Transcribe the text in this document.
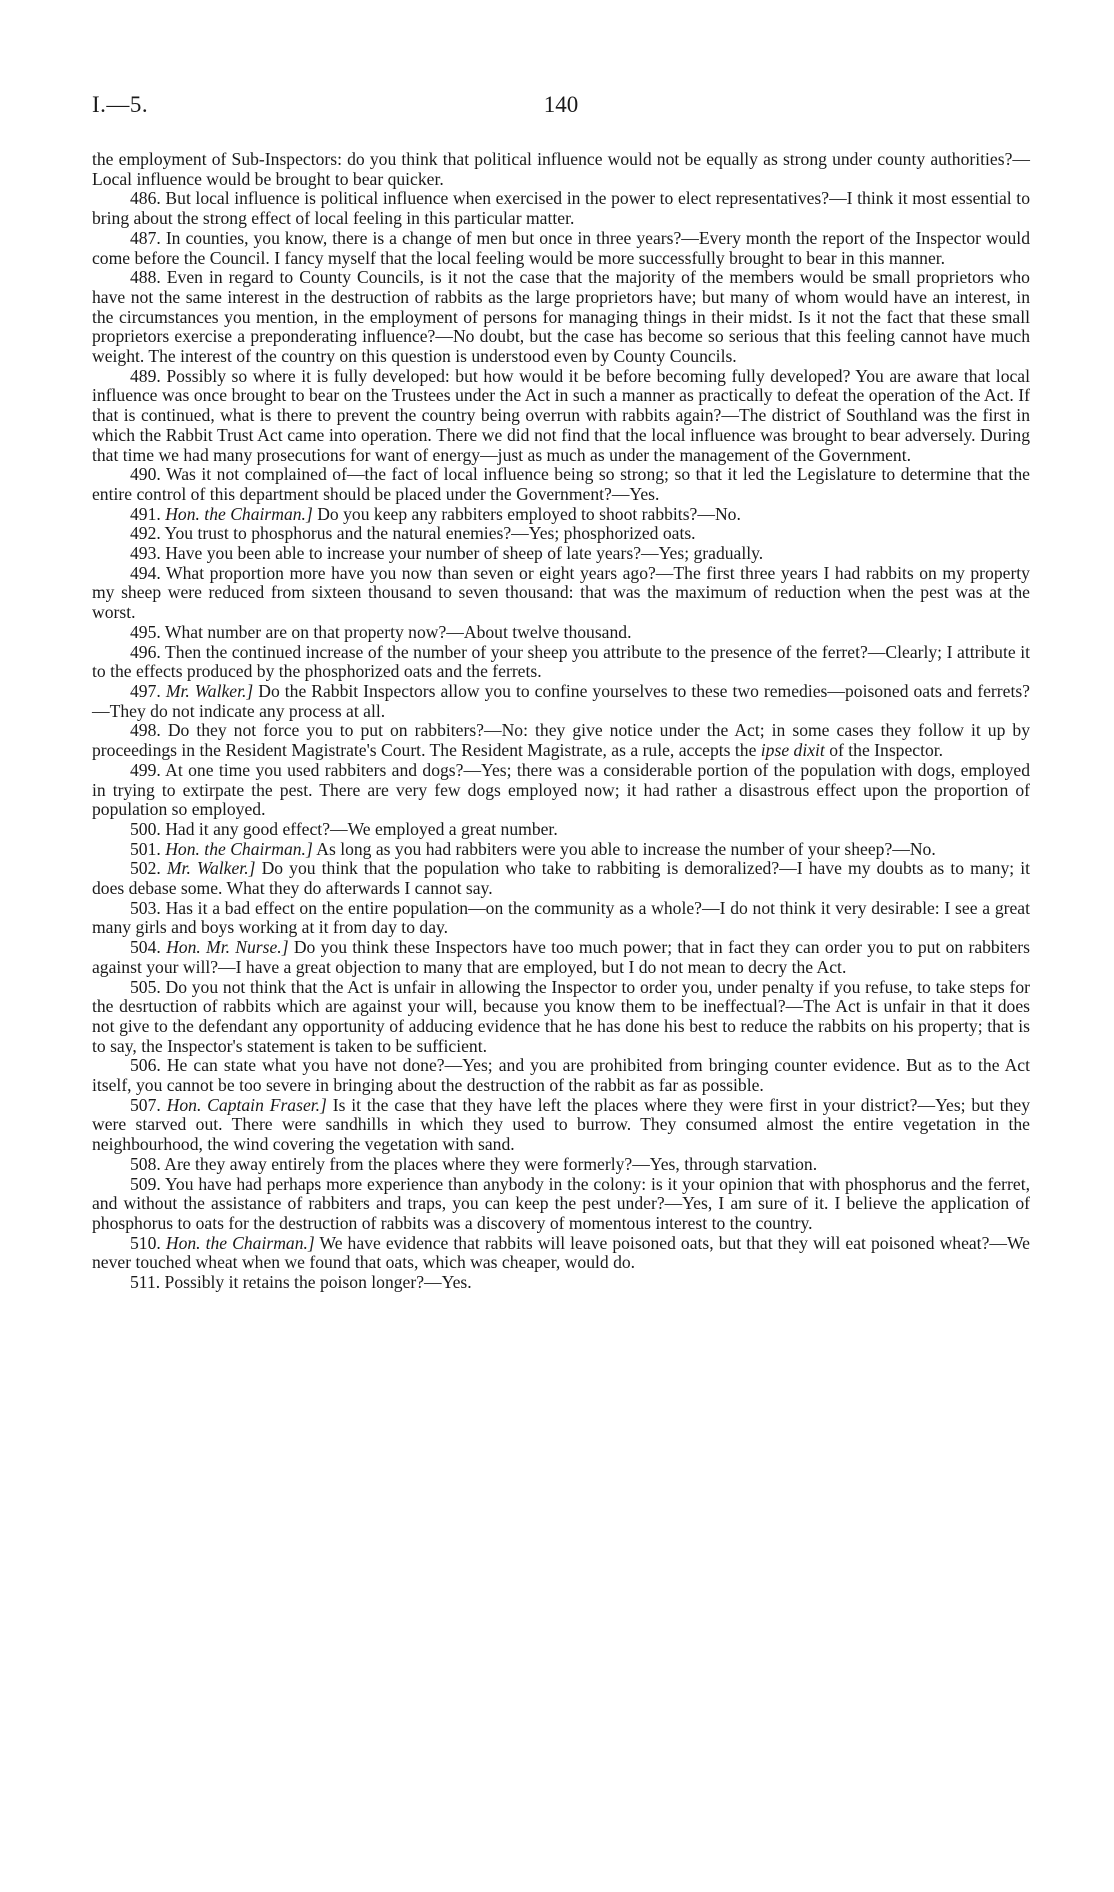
I.—5.	140

the employment of Sub-Inspectors: do you think that political influence would not be equally as strong under county authorities?—Local influence would be brought to bear quicker.

486. But local influence is political influence when exercised in the power to elect representatives?—I think it most essential to bring about the strong effect of local feeling in this particular matter.

487. In counties, you know, there is a change of men but once in three years?—Every month the report of the Inspector would come before the Council. I fancy myself that the local feeling would be more successfully brought to bear in this manner.

488. Even in regard to County Councils, is it not the case that the majority of the members would be small proprietors who have not the same interest in the destruction of rabbits as the large proprietors have; but many of whom would have an interest, in the circumstances you mention, in the employment of persons for managing things in their midst. Is it not the fact that these small proprietors exercise a preponderating influence?—No doubt, but the case has become so serious that this feeling cannot have much weight. The interest of the country on this question is understood even by County Councils.

489. Possibly so where it is fully developed: but how would it be before becoming fully developed? You are aware that local influence was once brought to bear on the Trustees under the Act in such a manner as practically to defeat the operation of the Act. If that is continued, what is there to prevent the country being overrun with rabbits again?—The district of Southland was the first in which the Rabbit Trust Act came into operation. There we did not find that the local influence was brought to bear adversely. During that time we had many prosecutions for want of energy—just as much as under the management of the Government.

490. Was it not complained of—the fact of local influence being so strong; so that it led the Legislature to determine that the entire control of this department should be placed under the Government?—Yes.

491. Hon. the Chairman.] Do you keep any rabbiters employed to shoot rabbits?—No.

492. You trust to phosphorus and the natural enemies?—Yes; phosphorized oats.

493. Have you been able to increase your number of sheep of late years?—Yes; gradually.

494. What proportion more have you now than seven or eight years ago?—The first three years I had rabbits on my property my sheep were reduced from sixteen thousand to seven thousand: that was the maximum of reduction when the pest was at the worst.

495. What number are on that property now?—About twelve thousand.

496. Then the continued increase of the number of your sheep you attribute to the presence of the ferret?—Clearly; I attribute it to the effects produced by the phosphorized oats and the ferrets.

497. Mr. Walker.] Do the Rabbit Inspectors allow you to confine yourselves to these two remedies—poisoned oats and ferrets?—They do not indicate any process at all.

498. Do they not force you to put on rabbiters?—No: they give notice under the Act; in some cases they follow it up by proceedings in the Resident Magistrate's Court. The Resident Magistrate, as a rule, accepts the ipse dixit of the Inspector.

499. At one time you used rabbiters and dogs?—Yes; there was a considerable portion of the population with dogs, employed in trying to extirpate the pest. There are very few dogs employed now; it had rather a disastrous effect upon the proportion of population so employed.

500. Had it any good effect?—We employed a great number.

501. Hon. the Chairman.] As long as you had rabbiters were you able to increase the number of your sheep?—No.

502. Mr. Walker.] Do you think that the population who take to rabbiting is demoralized?—I have my doubts as to many; it does debase some. What they do afterwards I cannot say.

503. Has it a bad effect on the entire population—on the community as a whole?—I do not think it very desirable: I see a great many girls and boys working at it from day to day.

504. Hon. Mr. Nurse.] Do you think these Inspectors have too much power; that in fact they can order you to put on rabbiters against your will?—I have a great objection to many that are employed, but I do not mean to decry the Act.

505. Do you not think that the Act is unfair in allowing the Inspector to order you, under penalty if you refuse, to take steps for the desrtuction of rabbits which are against your will, because you know them to be ineffectual?—The Act is unfair in that it does not give to the defendant any opportunity of adducing evidence that he has done his best to reduce the rabbits on his property; that is to say, the Inspector's statement is taken to be sufficient.

506. He can state what you have not done?—Yes; and you are prohibited from bringing counter evidence. But as to the Act itself, you cannot be too severe in bringing about the destruction of the rabbit as far as possible.

507. Hon. Captain Fraser.] Is it the case that they have left the places where they were first in your district?—Yes; but they were starved out. There were sandhills in which they used to burrow. They consumed almost the entire vegetation in the neighbourhood, the wind covering the vegetation with sand.

508. Are they away entirely from the places where they were formerly?—Yes, through starvation.

509. You have had perhaps more experience than anybody in the colony: is it your opinion that with phosphorus and the ferret, and without the assistance of rabbiters and traps, you can keep the pest under?—Yes, I am sure of it. I believe the application of phosphorus to oats for the destruction of rabbits was a discovery of momentous interest to the country.

510. Hon. the Chairman.] We have evidence that rabbits will leave poisoned oats, but that they will eat poisoned wheat?—We never touched wheat when we found that oats, which was cheaper, would do.

511. Possibly it retains the poison longer?—Yes.
